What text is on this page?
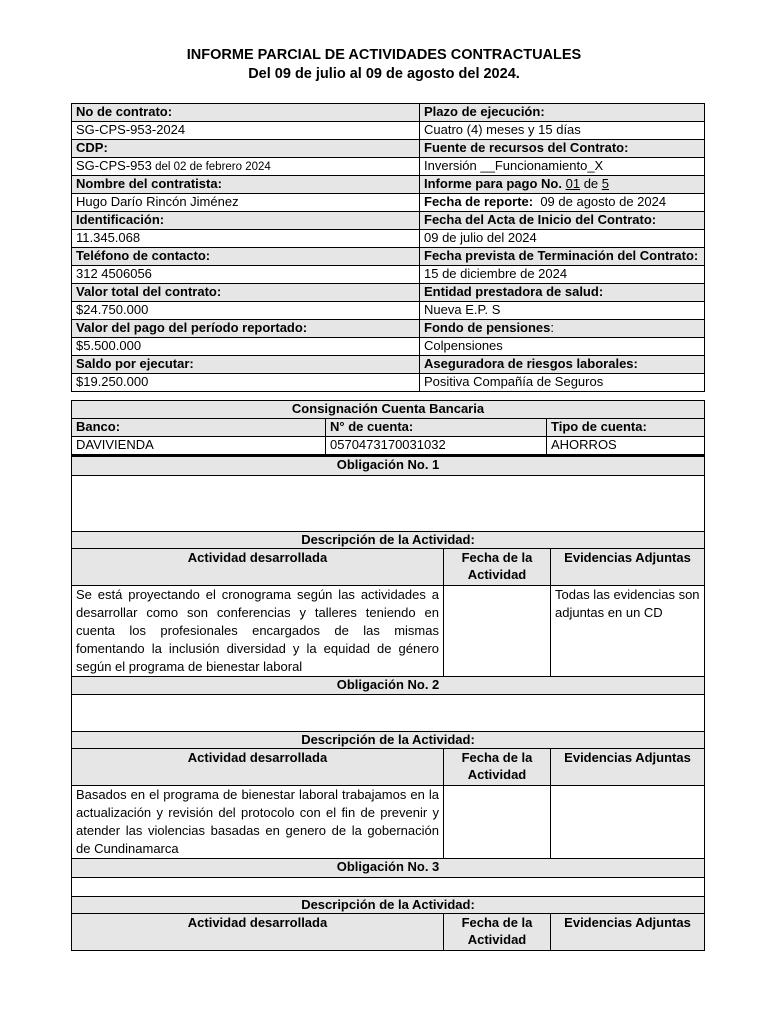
INFORME PARCIAL DE ACTIVIDADES CONTRACTUALES
Del 09 de julio al 09 de agosto del 2024.
No de contrato:	Plazo de ejecución:
SG-CPS-953-2024	Cuatro (4) meses y 15 días
CDP:	Fuente de recursos del Contrato:
SG-CPS-953 del 02 de febrero 2024	Inversión __Funcionamiento_X
Nombre del contratista:	Informe para pago No. 01 de 5
Hugo Darío Rincón Jiménez	Fecha de reporte: 09 de agosto de 2024
Identificación:	Fecha del Acta de Inicio del Contrato:
11.345.068	09 de julio del 2024
Teléfono de contacto:	Fecha prevista de Terminación del Contrato:
312 4506056	15 de diciembre de 2024
Valor total del contrato:	Entidad prestadora de salud:
$24.750.000	Nueva E.P. S
Valor del pago del período reportado:	Fondo de pensiones:
$5.500.000	Colpensiones
Saldo por ejecutar:	Aseguradora de riesgos laborales:
$19.250.000	Positiva Compañía de Seguros
Consignación Cuenta Bancaria		
Banco:	N° de cuenta:	Tipo de cuenta:
DAVIVIENDA	0570473170031032	AHORROS
Obligación No. 1		

Descripción de la Actividad:		
Actividad desarrollada	Fecha de la Actividad	Evidencias Adjuntas
Se está proyectando el cronograma según las actividades a desarrollar como son conferencias y talleres teniendo en cuenta los profesionales encargados de las mismas fomentando la inclusión diversidad y la equidad de género según el programa de bienestar laboral		Todas las evidencias son adjuntas en un CD
Obligación No. 2		

Descripción de la Actividad:		
Actividad desarrollada	Fecha de la Actividad	Evidencias Adjuntas
Basados en el programa de bienestar laboral trabajamos en la actualización y revisión del protocolo con el fin de prevenir y atender las violencias basadas en genero de la gobernación de Cundinamarca		
Obligación No. 3		

Descripción de la Actividad:		
Actividad desarrollada	Fecha de la Actividad	Evidencias Adjuntas
